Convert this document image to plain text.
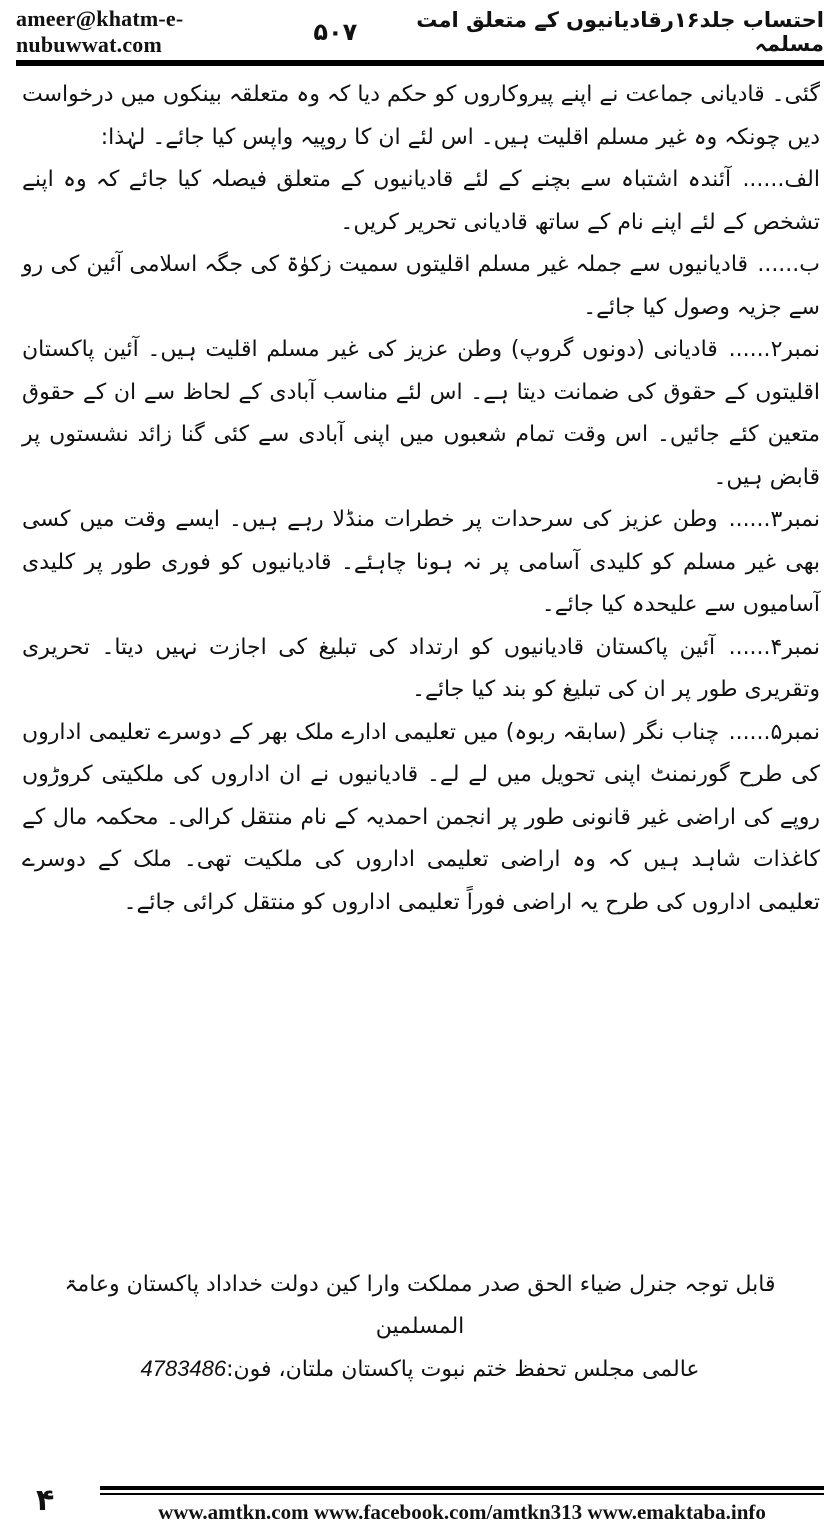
ameer@khatm-e-nubuwwat.com
احتساب جلد۱۶رقادیانیوں کے متعلق امت مسلمہ
۵۰۷

گئی۔ قادیانی جماعت نے اپنے پیروکاروں کو حکم دیا کہ وہ متعلقہ بینکوں میں درخواست دیں چونکہ وہ غیر مسلم اقلیت ہیں۔ اس لئے ان کا روپیہ واپس کیا جائے۔ لہٰذا:

الف...... آئندہ اشتباہ سے بچنے کے لئے قادیانیوں کے متعلق فیصلہ کیا جائے کہ وہ اپنے تشخص کے لئے اپنے نام کے ساتھ قادیانی تحریر کریں۔

ب...... قادیانیوں سے جملہ غیر مسلم اقلیتوں سمیت زکوٰۃ کی جگہ اسلامی آئین کی رو سے جزیہ وصول کیا جائے۔

نمبر۲...... قادیانی (دونوں گروپ) وطن عزیز کی غیر مسلم اقلیت ہیں۔ آئین پاکستان اقلیتوں کے حقوق کی ضمانت دیتا ہے۔ اس لئے مناسب آبادی کے لحاظ سے ان کے حقوق متعین کئے جائیں۔ اس وقت تمام شعبوں میں اپنی آبادی سے کئی گنا زائد نشستوں پر قابض ہیں۔

نمبر۳...... وطن عزیز کی سرحدات پر خطرات منڈلا رہے ہیں۔ ایسے وقت میں کسی بھی غیر مسلم کو کلیدی آسامی پر نہ ہونا چاہئے۔ قادیانیوں کو فوری طور پر کلیدی آسامیوں سے علیحدہ کیا جائے۔

نمبر۴...... آئین پاکستان قادیانیوں کو ارتداد کی تبلیغ کی اجازت نہیں دیتا۔ تحریری وتقریری طور پر ان کی تبلیغ کو بند کیا جائے۔

نمبر۵...... چناب نگر (سابقہ ربوہ) میں تعلیمی ادارے ملک بھر کے دوسرے تعلیمی اداروں کی طرح گورنمنٹ اپنی تحویل میں لے لے۔ قادیانیوں نے ان اداروں کی ملکیتی کروڑوں روپے کی اراضی غیر قانونی طور پر انجمن احمدیہ کے نام منتقل کرالی۔ محکمہ مال کے کاغذات شاہد ہیں کہ وہ اراضی تعلیمی اداروں کی ملکیت تھی۔ ملک کے دوسرے تعلیمی اداروں کی طرح یہ اراضی فوراً تعلیمی اداروں کو منتقل کرائی جائے۔

قابل توجہ جنرل ضیاء الحق صدر مملکت وارا کین دولت خداداد پاکستان وعامۃ المسلمین
عالمی مجلس تحفظ ختم نبوت پاکستان ملتان، فون:4783486
۴	www.amtkn.com www.facebook.com/amtkn313 www.emaktaba.info
